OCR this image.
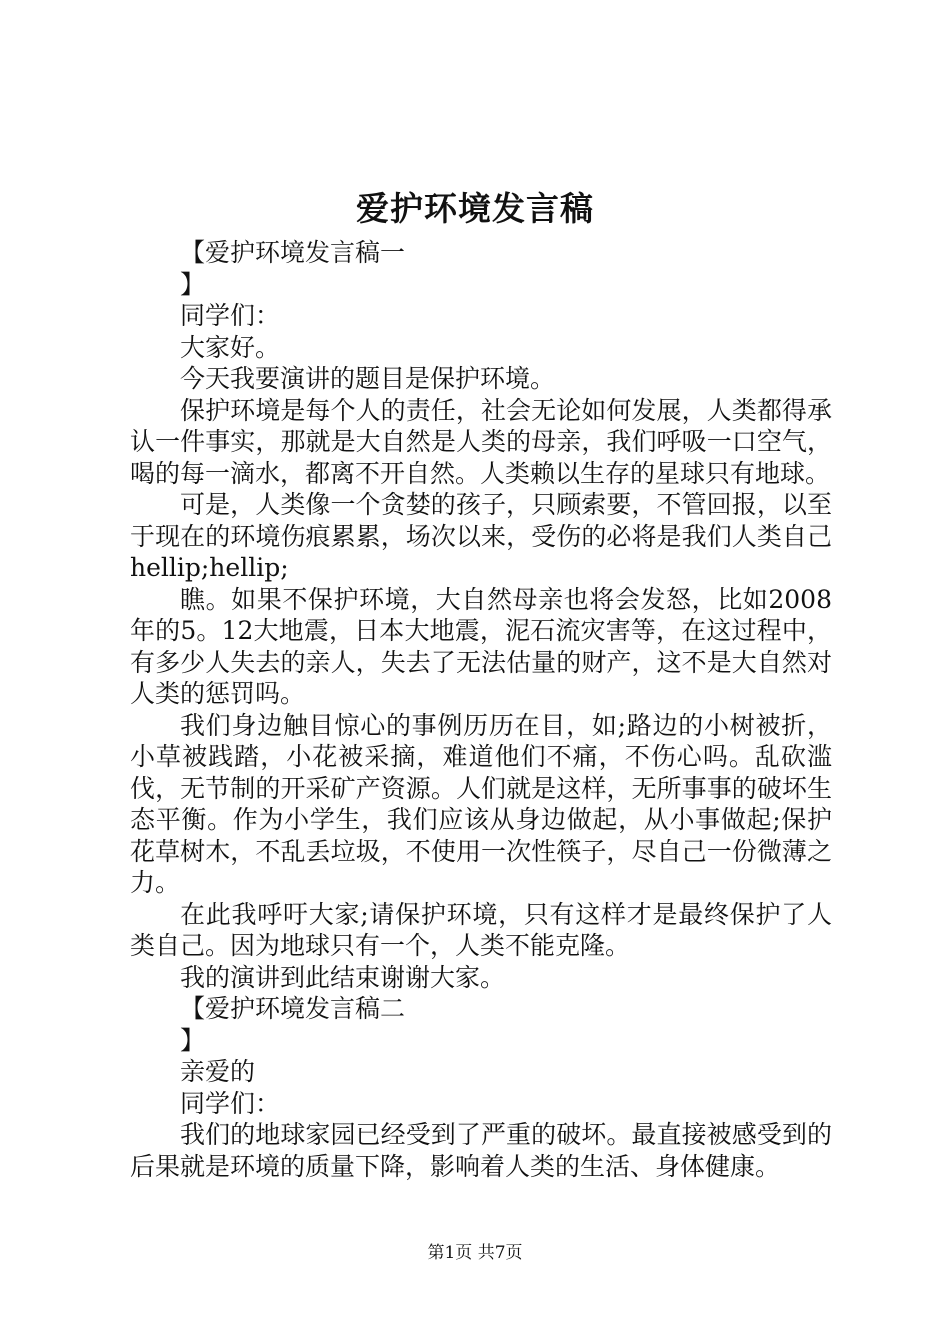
爱护环境发言稿

【爱护环境发言稿一

】

同学们：

大家好。

今天我要演讲的题目是保护环境。

保护环境是每个人的责任，社会无论如何发展，人类都得承认一件事实，那就是大自然是人类的母亲，我们呼吸一口空气，喝的每一滴水，都离不开自然。人类赖以生存的星球只有地球。

可是，人类像一个贪婪的孩子，只顾索要，不管回报，以至于现在的环境伤痕累累，场次以来，受伤的必将是我们人类自己hellip;hellip;

瞧。如果不保护环境，大自然母亲也将会发怒，比如2008年的5。12大地震，日本大地震，泥石流灾害等，在这过程中，有多少人失去的亲人，失去了无法估量的财产，这不是大自然对人类的惩罚吗。

我们身边触目惊心的事例历历在目，如;路边的小树被折，小草被践踏，小花被采摘，难道他们不痛，不伤心吗。乱砍滥伐，无节制的开采矿产资源。人们就是这样，无所事事的破坏生态平衡。作为小学生，我们应该从身边做起，从小事做起;保护花草树木，不乱丢垃圾，不使用一次性筷子，尽自己一份微薄之力。

在此我呼吁大家;请保护环境，只有这样才是最终保护了人类自己。因为地球只有一个，人类不能克隆。

我的演讲到此结束谢谢大家。

【爱护环境发言稿二

】

亲爱的

同学们：

我们的地球家园已经受到了严重的破坏。最直接被感受到的后果就是环境的质量下降，影响着人类的生活、身体健康。

第1页 共7页
